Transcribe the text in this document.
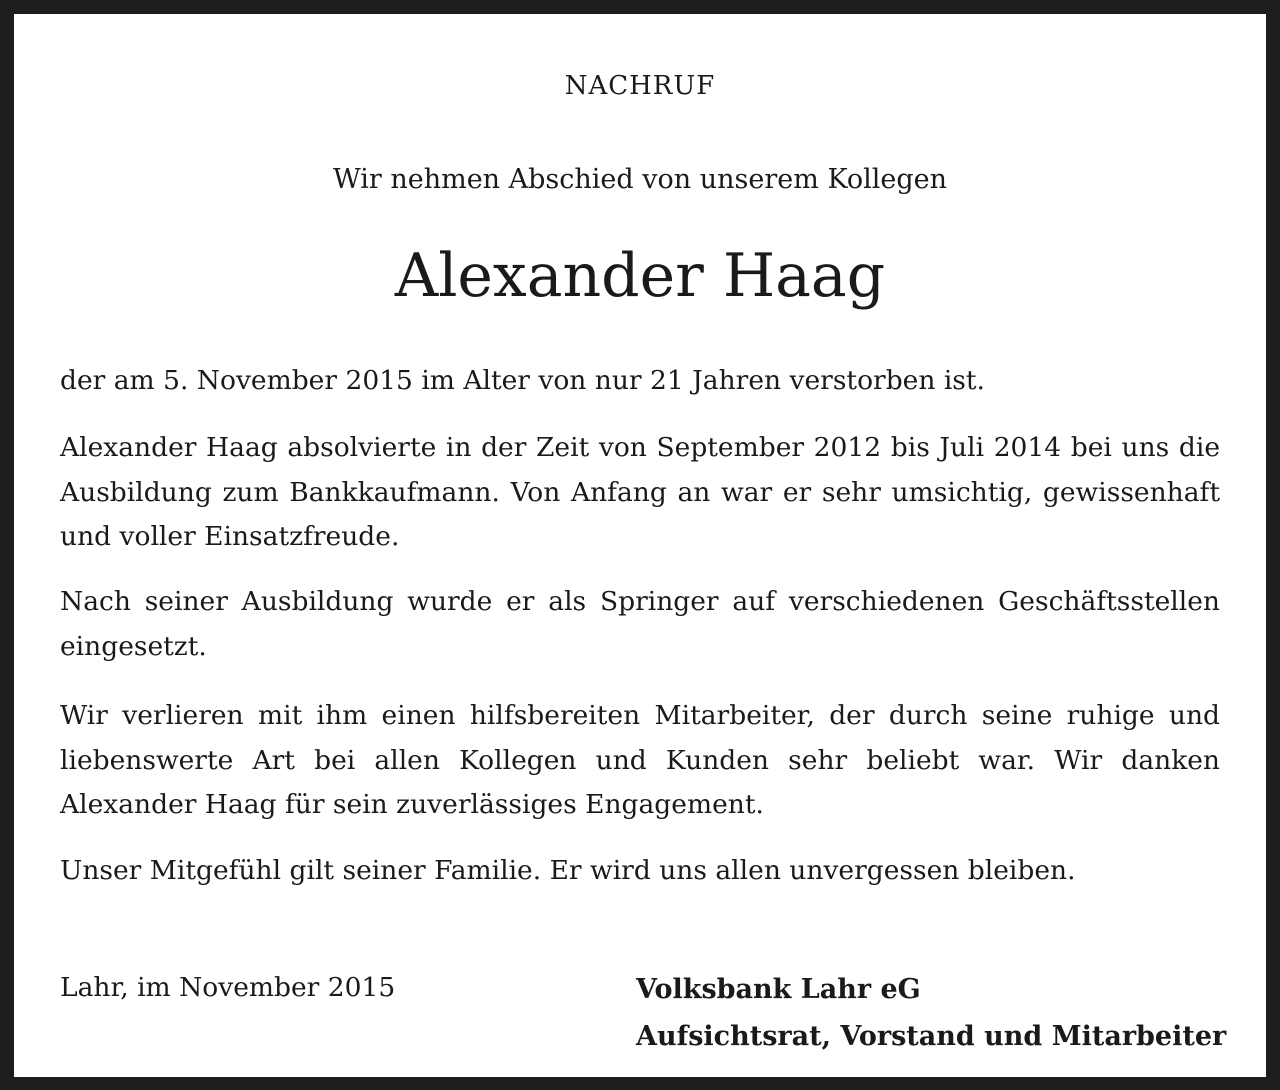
NACHRUF
Wir nehmen Abschied von unserem Kollegen
Alexander Haag

der am 5. November 2015 im Alter von nur 21 Jahren verstorben ist.

Alexander Haag absolvierte in der Zeit von September 2012 bis Juli 2014 bei uns die Ausbildung zum Bankkaufmann. Von Anfang an war er sehr umsichtig, gewissenhaft und voller Einsatzfreude.

Nach seiner Ausbildung wurde er als Springer auf verschiedenen Geschäftsstellen eingesetzt.

Wir verlieren mit ihm einen hilfsbereiten Mitarbeiter, der durch seine ruhige und liebenswerte Art bei allen Kollegen und Kunden sehr beliebt war. Wir danken Alexander Haag für sein zuverlässiges Engagement.

Unser Mitgefühl gilt seiner Familie. Er wird uns allen unvergessen bleiben.

Lahr, im November 2015	Volksbank Lahr eG
Aufsichtsrat, Vorstand und Mitarbeiter
